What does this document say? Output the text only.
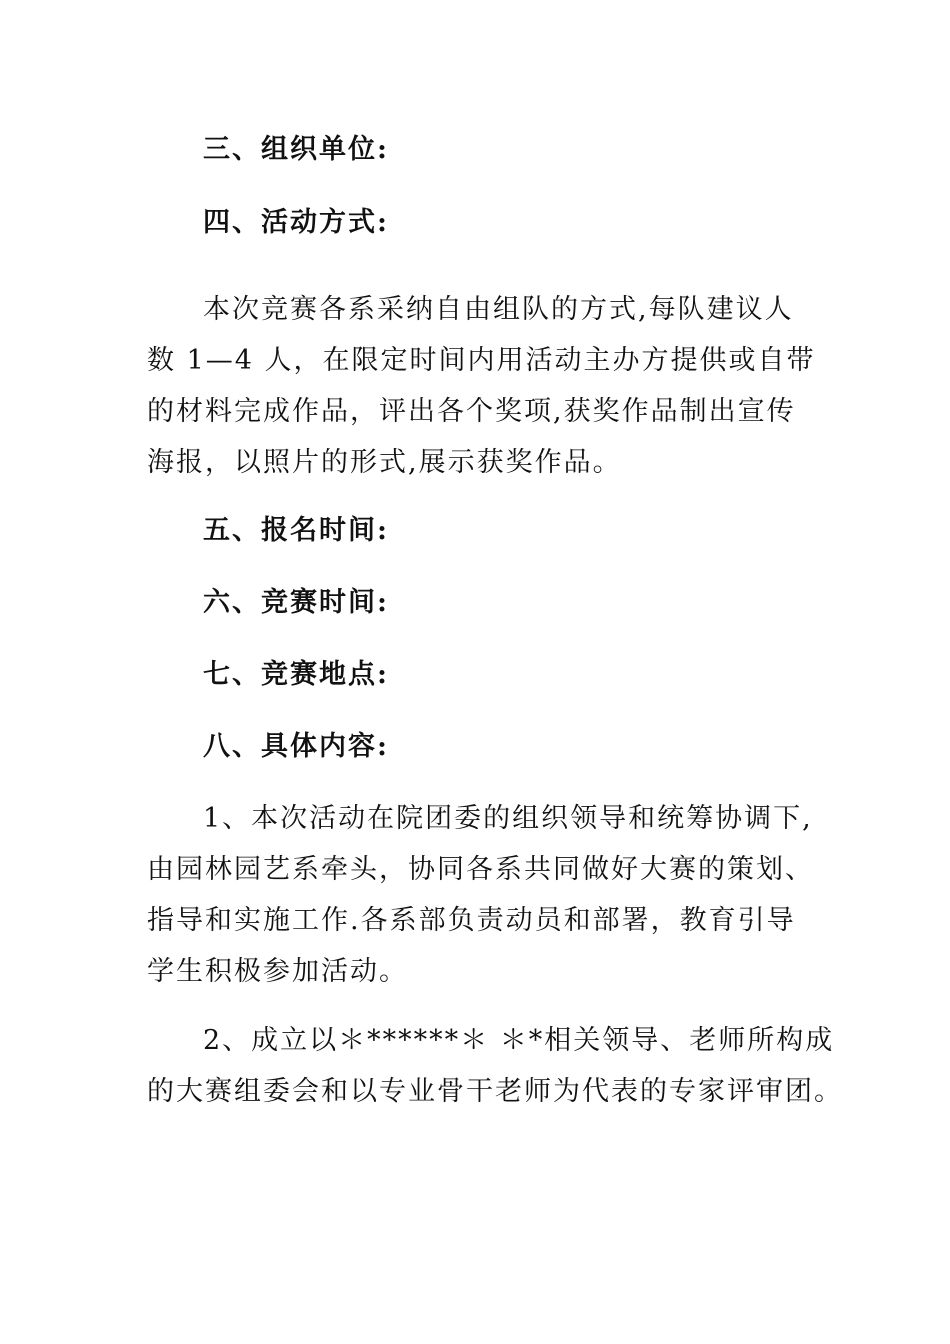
三、组织单位:
四、活动方式:
本次竞赛各系采纳自由组队的方式,每队建议人
数 1—4 人，在限定时间内用活动主办方提供或自带
的材料完成作品，评出各个奖项,获奖作品制出宣传
海报，以照片的形式,展示获奖作品。
五、报名时间:
六、竞赛时间:
七、竞赛地点:
八、具体内容:
1、本次活动在院团委的组织领导和统筹协调下,
由园林园艺系牵头，协同各系共同做好大赛的策划、
指导和实施工作.各系部负责动员和部署，教育引导
学生积极参加活动。
2、成立以＊******＊ ＊*相关领导、老师所构成
的大赛组委会和以专业骨干老师为代表的专家评审团。
